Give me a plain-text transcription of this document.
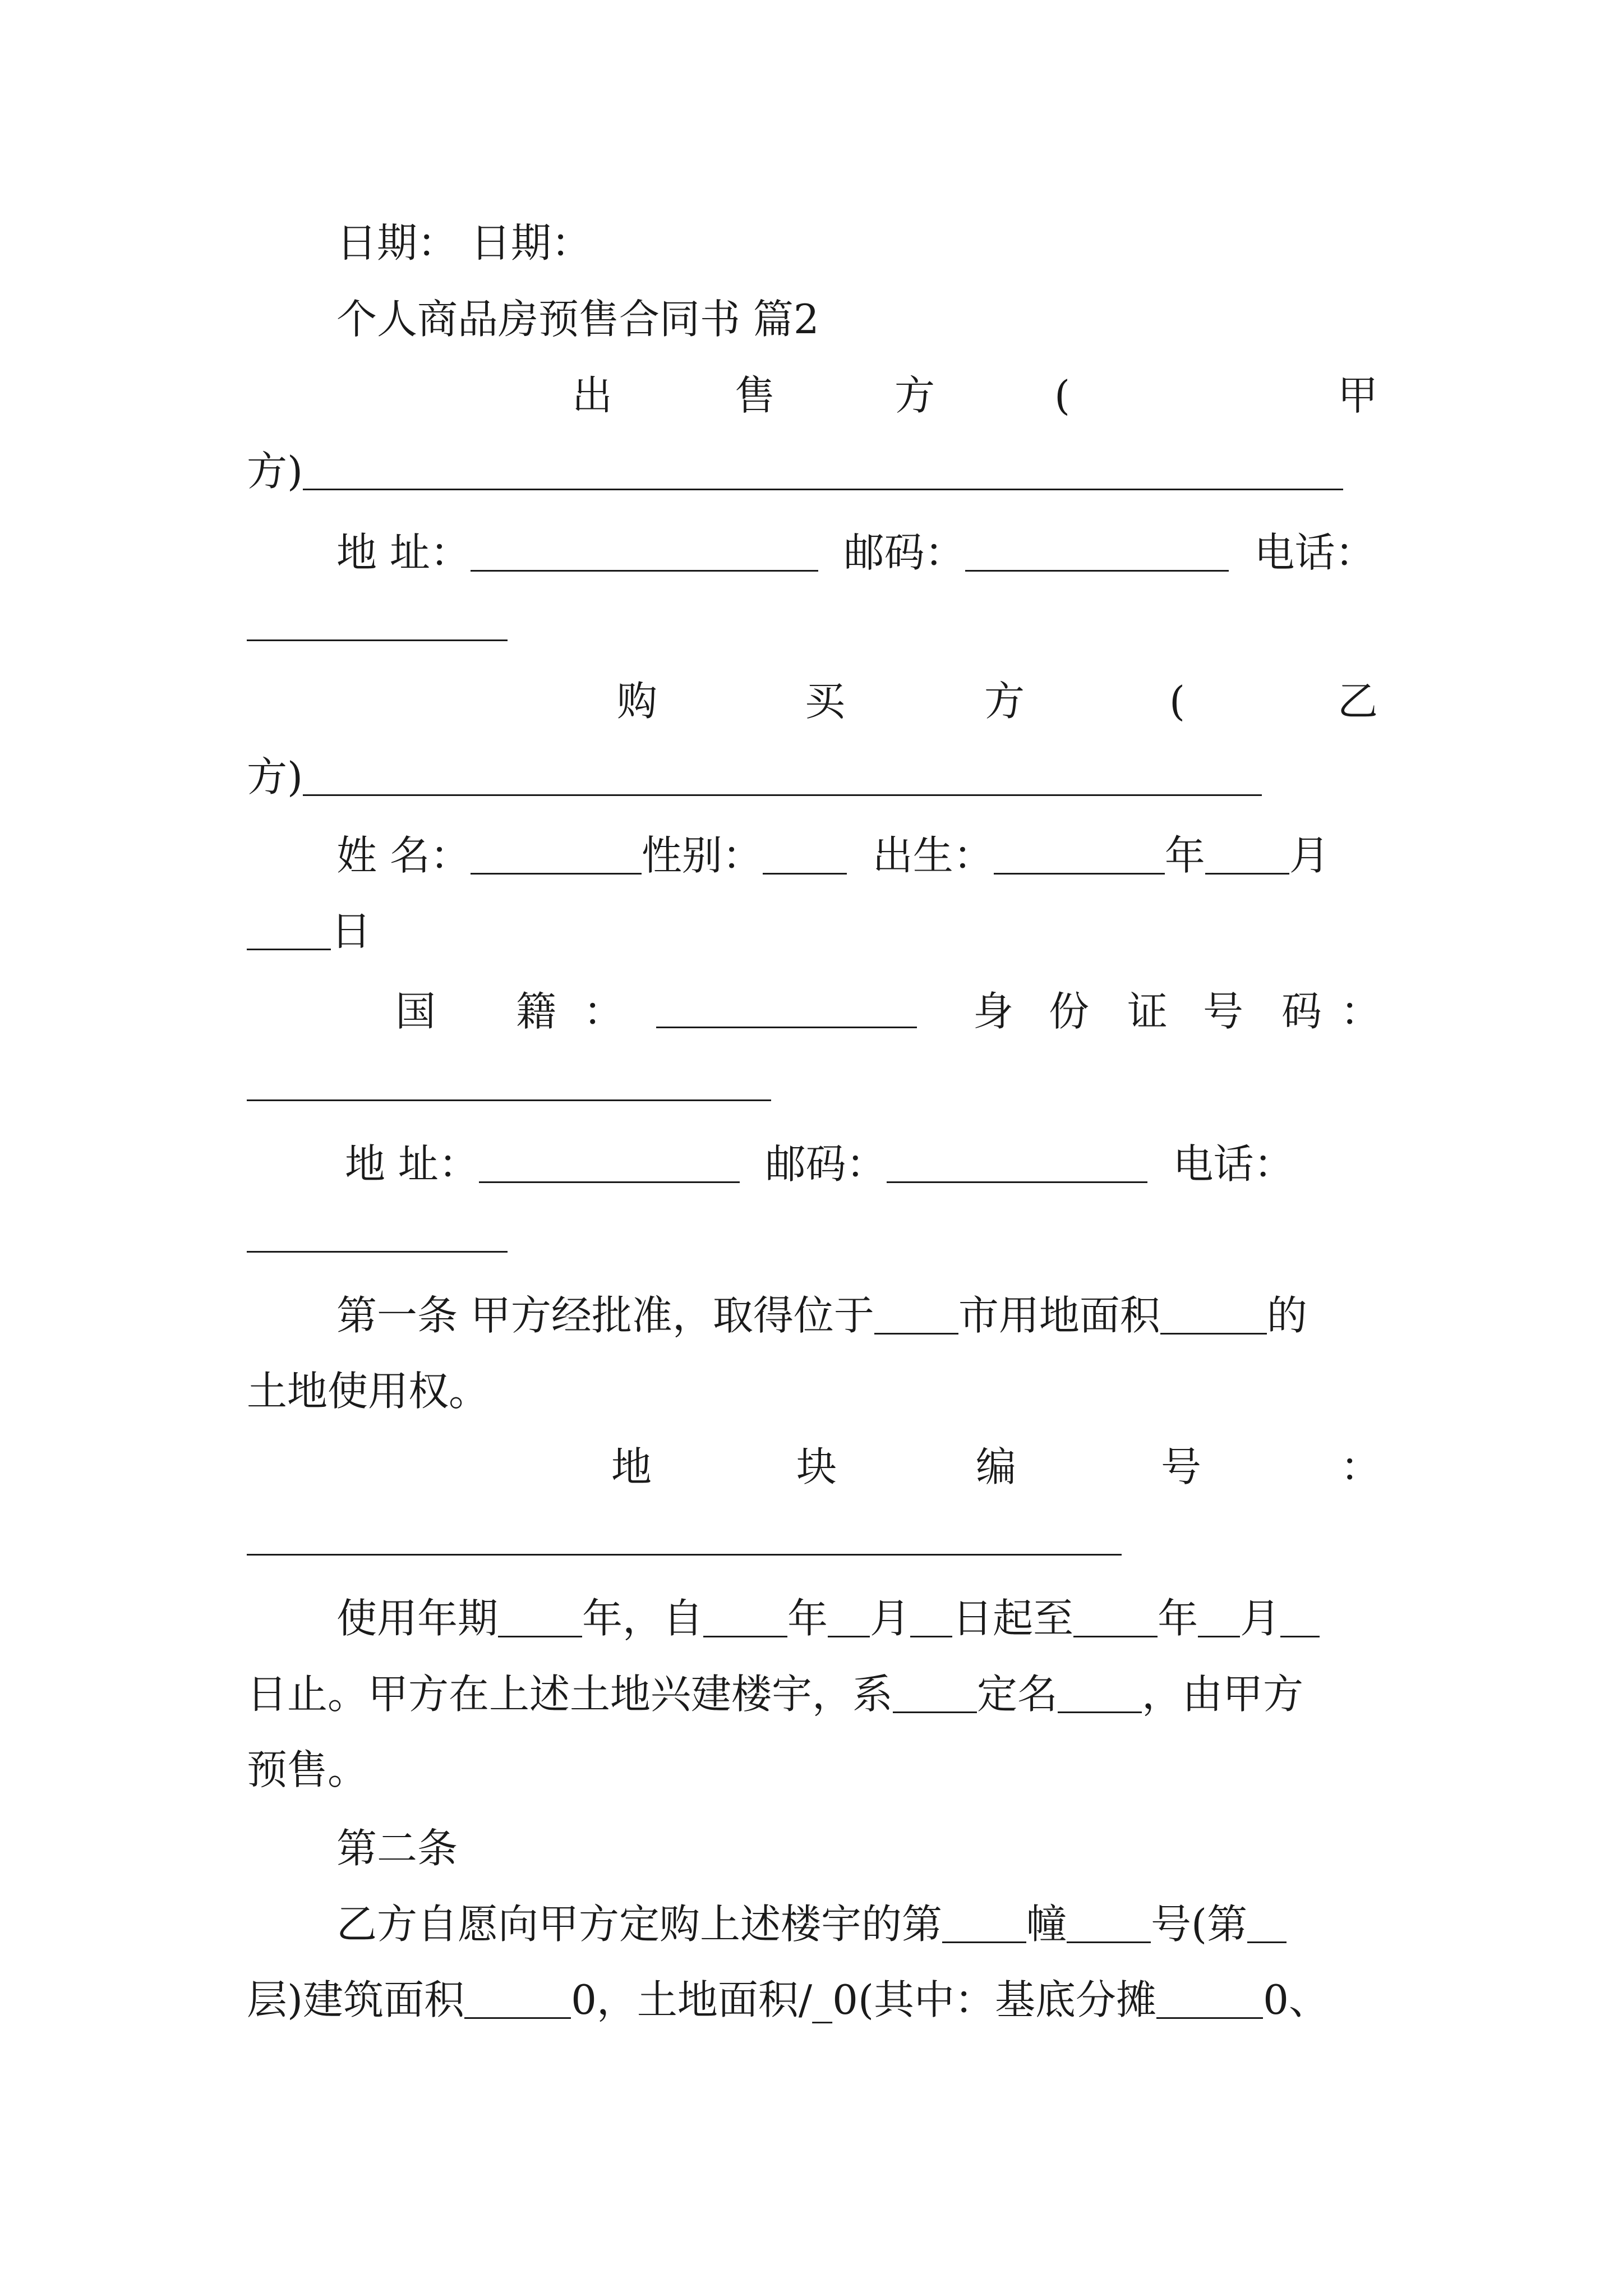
日期： 日期：
个人商品房预售合同书 篇2
出	售	方	(	甲
方)
地 址：	邮码：	电话：
购	买	方	(	乙
方)
姓 名：	性别：	出生：	年 月
日
国 籍 ：	身 份 证 号 码 ：
地 址：	邮码：	电话：
第一条 甲方经批准，取得位于 市用地面积	的
土地使用权。
地	块	编	号	：
使用年期 年，自 年 月 日起至 年 月
日止。甲方在上述土地兴建楼宇，系 定名 ，由甲方
预售。
第二条
乙方自愿向甲方定购上述楼宇的第 幢 号(第
层)建筑面积	0，土地面积/_0(其中：基底分摊	0、
